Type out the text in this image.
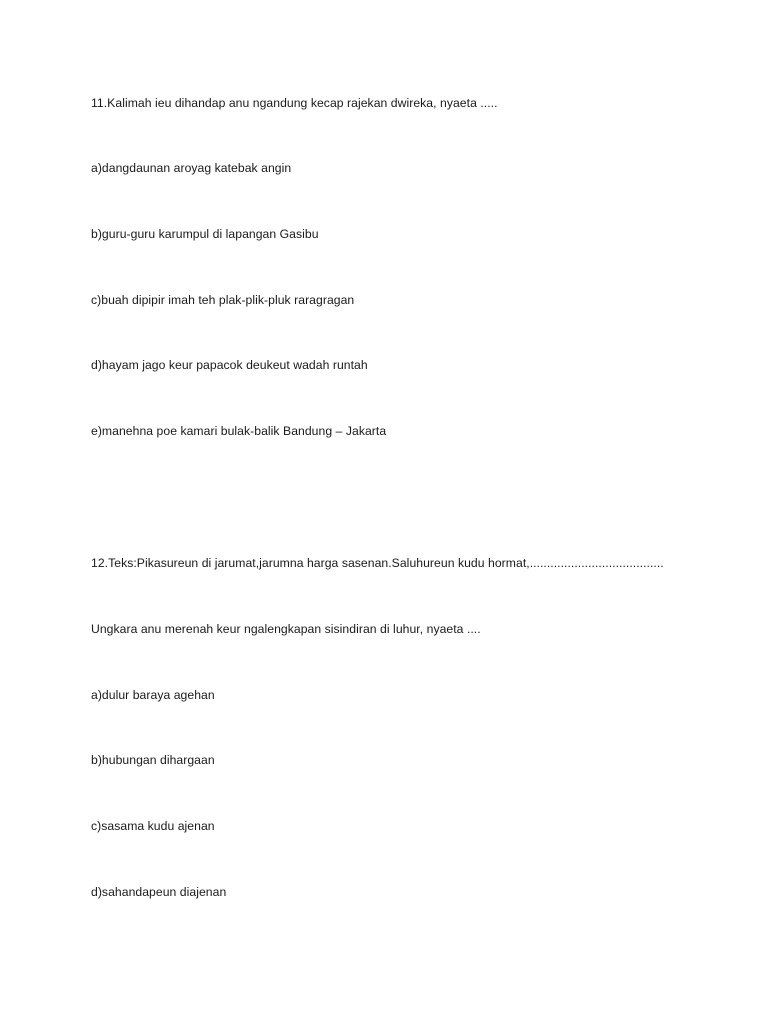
11.Kalimah ieu dihandap anu ngandung kecap rajekan dwireka, nyaeta .....
a)dangdaunan aroyag katebak angin
b)guru-guru karumpul di lapangan Gasibu
c)buah dipipir imah teh plak-plik-pluk raragragan
d)hayam jago keur papacok deukeut wadah runtah
e)manehna poe kamari bulak-balik Bandung – Jakarta
12.Teks:Pikasureun di jarumat,jarumna harga sasenan.Saluhureun kudu hormat,.......................................
Ungkara anu merenah keur ngalengkapan sisindiran di luhur, nyaeta ....
a)dulur baraya agehan
b)hubungan dihargaan
c)sasama kudu ajenan
d)sahandapeun diajenan
